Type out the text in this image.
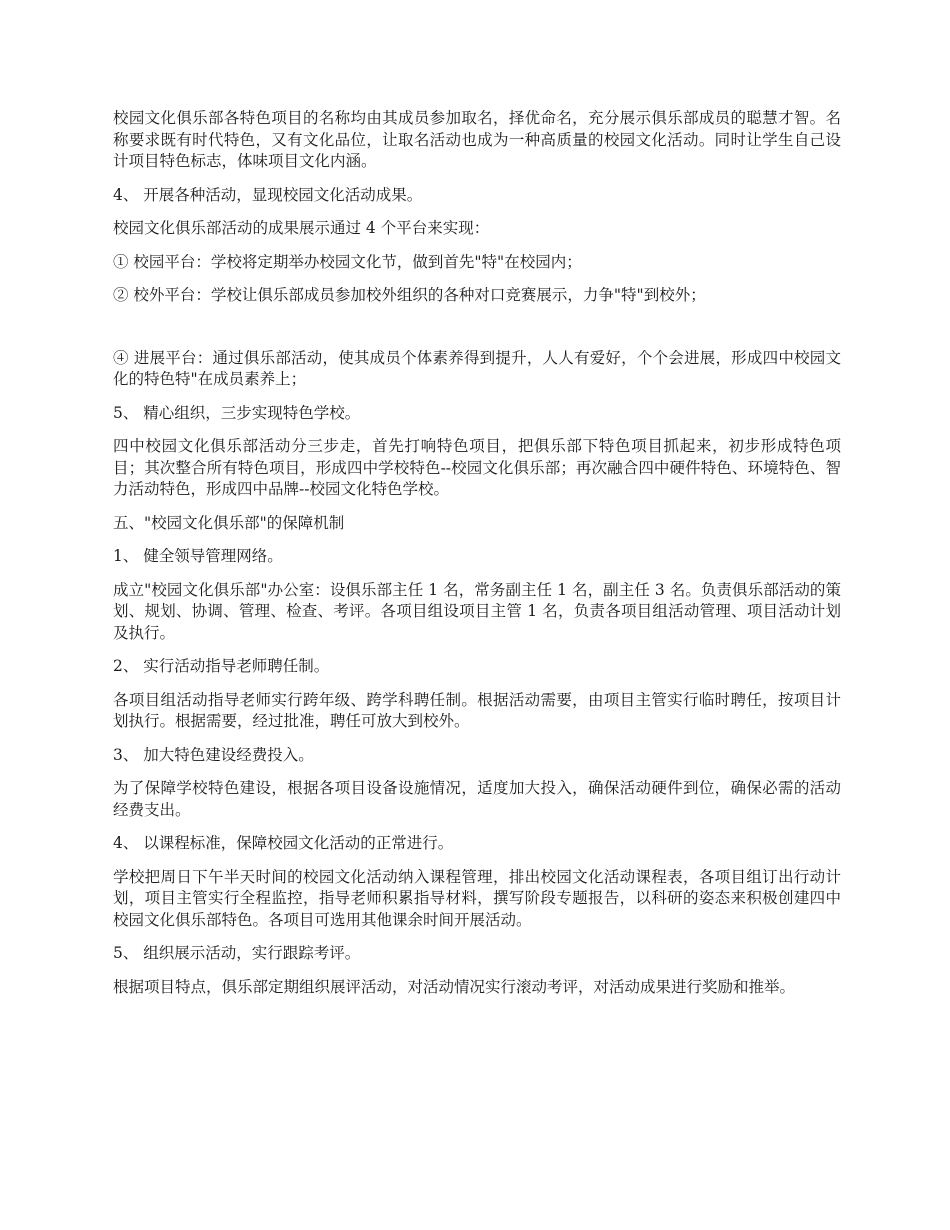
校园文化俱乐部各特色项目的名称均由其成员参加取名，择优命名，充分展示俱乐部成员的聪慧才智。名称要求既有时代特色，又有文化品位，让取名活动也成为一种高质量的校园文化活动。同时让学生自己设计项目特色标志，体味项目文化内涵。

4、 开展各种活动，显现校园文化活动成果。

校园文化俱乐部活动的成果展示通过 4 个平台来实现：

① 校园平台：学校将定期举办校园文化节，做到首先"特"在校园内；

② 校外平台：学校让俱乐部成员参加校外组织的各种对口竞赛展示，力争"特"到校外；

④ 进展平台：通过俱乐部活动，使其成员个体素养得到提升，人人有爱好，个个会进展，形成四中校园文化的特色特"在成员素养上；

5、 精心组织，三步实现特色学校。

四中校园文化俱乐部活动分三步走，首先打响特色项目，把俱乐部下特色项目抓起来，初步形成特色项目；其次整合所有特色项目，形成四中学校特色--校园文化俱乐部；再次融合四中硬件特色、环境特色、智力活动特色，形成四中品牌--校园文化特色学校。

五、"校园文化俱乐部"的保障机制

1、 健全领导管理网络。

成立"校园文化俱乐部"办公室：设俱乐部主任 1 名，常务副主任 1 名，副主任 3 名。负责俱乐部活动的策划、规划、协调、管理、检查、考评。各项目组设项目主管 1 名，负责各项目组活动管理、项目活动计划及执行。

2、 实行活动指导老师聘任制。

各项目组活动指导老师实行跨年级、跨学科聘任制。根据活动需要，由项目主管实行临时聘任，按项目计划执行。根据需要，经过批准，聘任可放大到校外。

3、 加大特色建设经费投入。

为了保障学校特色建设，根据各项目设备设施情况，适度加大投入，确保活动硬件到位，确保必需的活动经费支出。

4、 以课程标准，保障校园文化活动的正常进行。

学校把周日下午半天时间的校园文化活动纳入课程管理，排出校园文化活动课程表，各项目组订出行动计划，项目主管实行全程监控，指导老师积累指导材料，撰写阶段专题报告，以科研的姿态来积极创建四中校园文化俱乐部特色。各项目可选用其他课余时间开展活动。

5、 组织展示活动，实行跟踪考评。

根据项目特点，俱乐部定期组织展评活动，对活动情况实行滚动考评，对活动成果进行奖励和推举。
